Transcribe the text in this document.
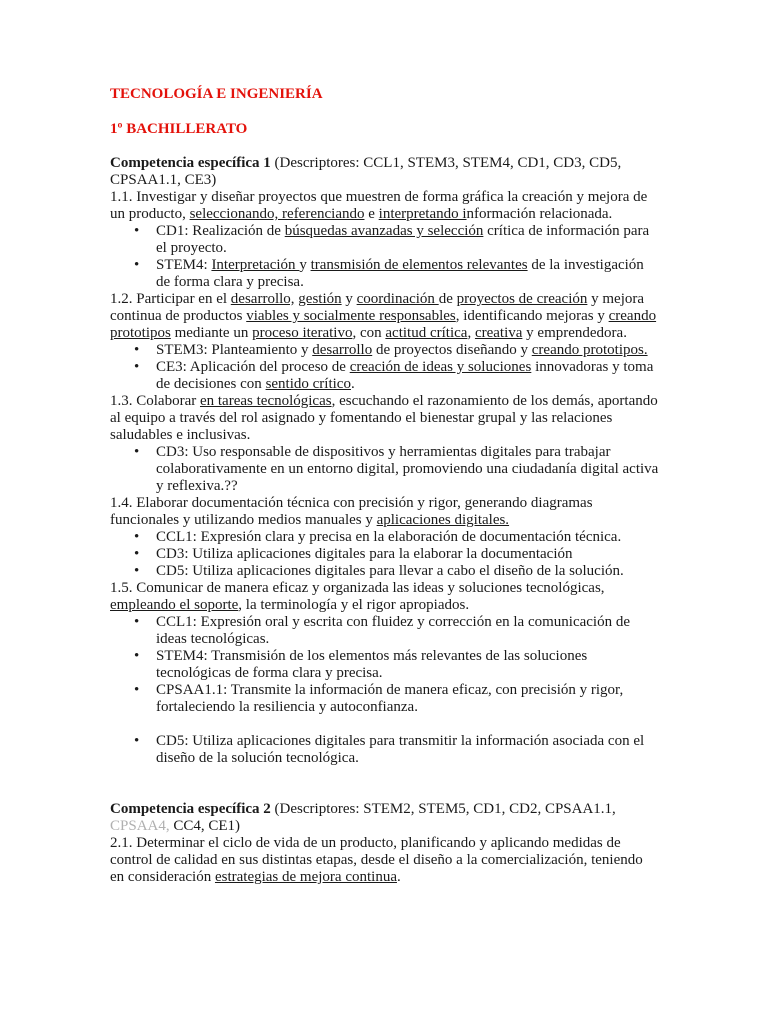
TECNOLOGÍA E INGENIERÍA

1º BACHILLERATO

Competencia específica 1 (Descriptores: CCL1, STEM3, STEM4, CD1, CD3, CD5, CPSAA1.1, CE3)

1.1. Investigar y diseñar proyectos que muestren de forma gráfica la creación y mejora de un producto, seleccionando, referenciando e interpretando información relacionada.

• CD1: Realización de búsquedas avanzadas y selección crítica de información para el proyecto.
• STEM4: Interpretación y transmisión de elementos relevantes de la investigación de forma clara y precisa.

1.2. Participar en el desarrollo, gestión y coordinación de proyectos de creación y mejora continua de productos viables y socialmente responsables, identificando mejoras y creando prototipos mediante un proceso iterativo, con actitud crítica, creativa y emprendedora.

• STEM3: Planteamiento y desarrollo de proyectos diseñando y creando prototipos.
• CE3: Aplicación del proceso de creación de ideas y soluciones innovadoras y toma de decisiones con sentido crítico.

1.3. Colaborar en tareas tecnológicas, escuchando el razonamiento de los demás, aportando al equipo a través del rol asignado y fomentando el bienestar grupal y las relaciones saludables e inclusivas.

• CD3: Uso responsable de dispositivos y herramientas digitales para trabajar colaborativamente en un entorno digital, promoviendo una ciudadanía digital activa y reflexiva.??

1.4. Elaborar documentación técnica con precisión y rigor, generando diagramas funcionales y utilizando medios manuales y aplicaciones digitales.

• CCL1: Expresión clara y precisa en la elaboración de documentación técnica.
• CD3: Utiliza aplicaciones digitales para la elaborar la documentación
• CD5: Utiliza aplicaciones digitales para llevar a cabo el diseño de la solución.

1.5. Comunicar de manera eficaz y organizada las ideas y soluciones tecnológicas, empleando el soporte, la terminología y el rigor apropiados.

• CCL1: Expresión oral y escrita con fluidez y corrección en la comunicación de ideas tecnológicas.
• STEM4: Transmisión de los elementos más relevantes de las soluciones tecnológicas de forma clara y precisa.
• CPSAA1.1: Transmite la información de manera eficaz, con precisión y rigor, fortaleciendo la resiliencia y autoconfianza.
• CD5: Utiliza aplicaciones digitales para transmitir la información asociada con el diseño de la solución tecnológica.

Competencia específica 2 (Descriptores: STEM2, STEM5, CD1, CD2, CPSAA1.1, CPSAA4, CC4, CE1)

2.1. Determinar el ciclo de vida de un producto, planificando y aplicando medidas de control de calidad en sus distintas etapas, desde el diseño a la comercialización, teniendo en consideración estrategias de mejora continua.
